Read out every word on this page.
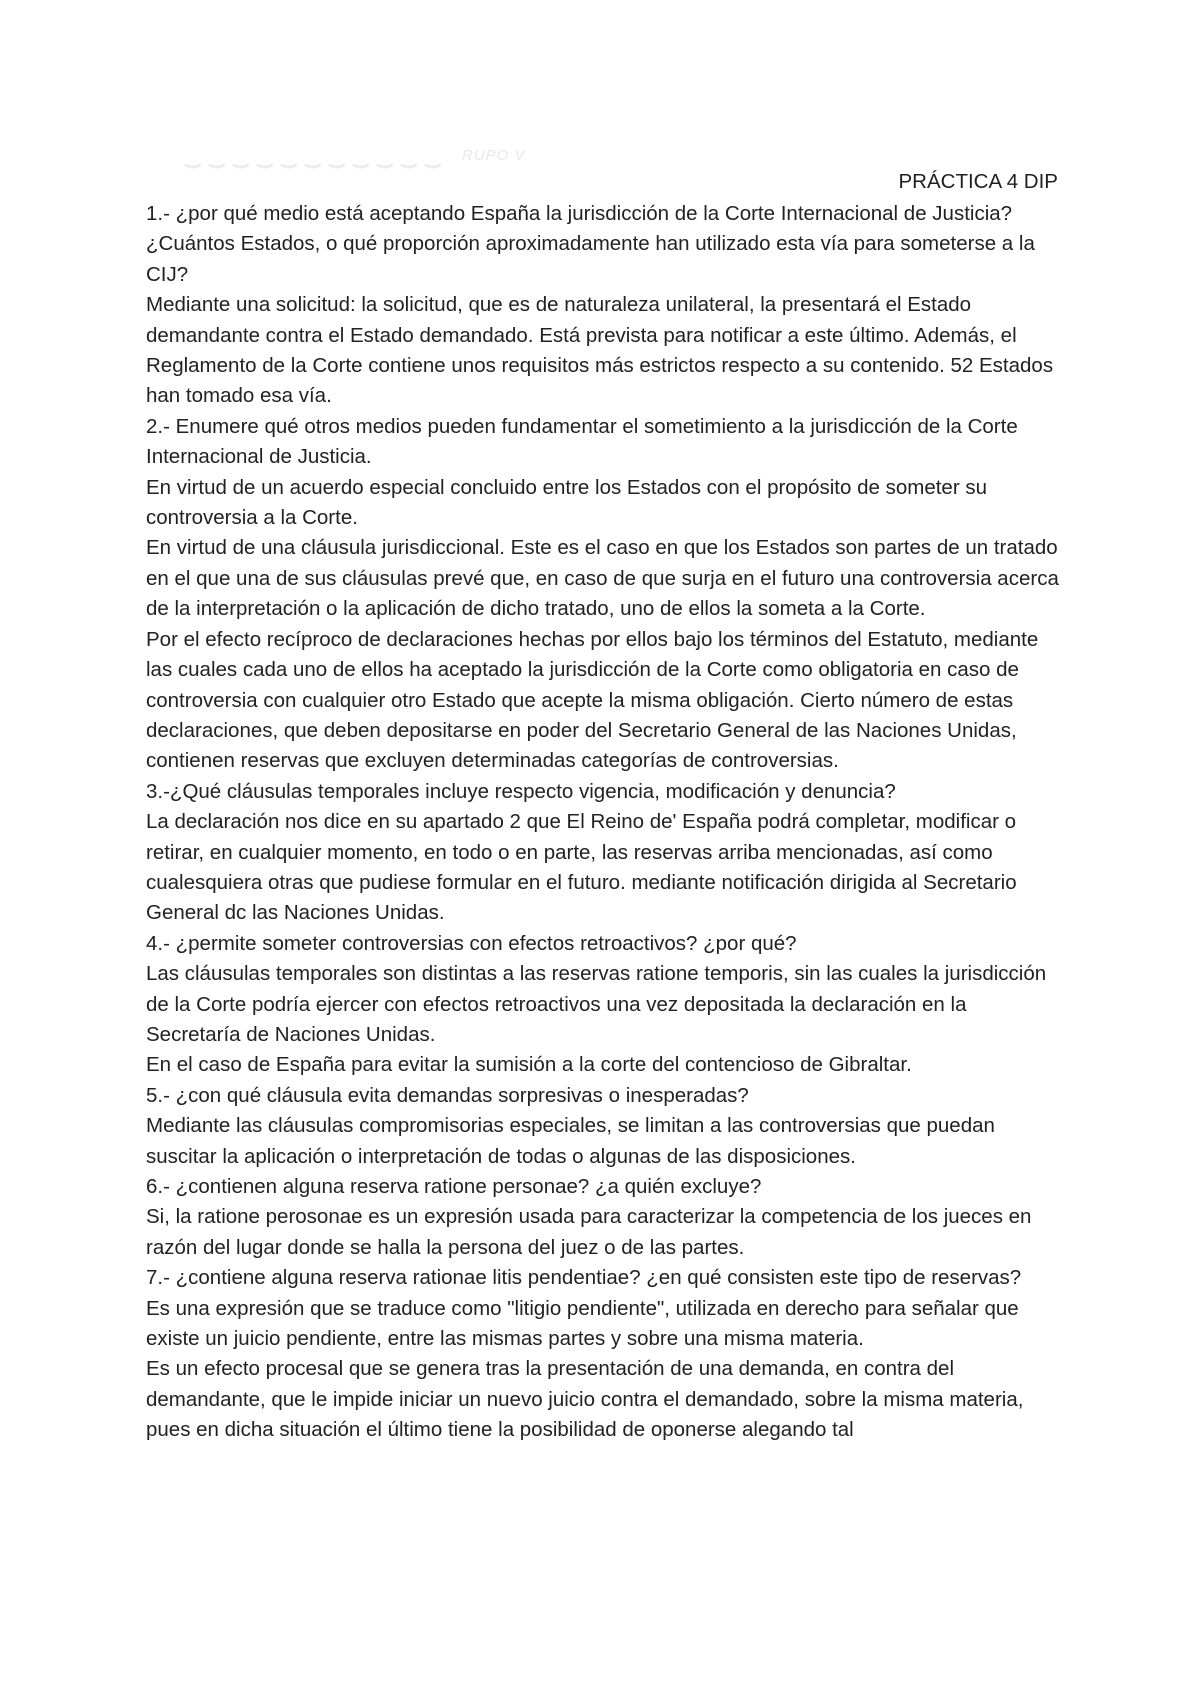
RUPO V
PRÁCTICA 4 DIP

1.- ¿por qué medio está aceptando España la jurisdicción de la Corte Internacional de Justicia? ¿Cuántos Estados, o qué proporción aproximadamente han utilizado esta vía para someterse a la CIJ?

Mediante una solicitud: la solicitud, que es de naturaleza unilateral, la presentará el Estado demandante contra el Estado demandado. Está prevista para notificar a este último. Además, el Reglamento de la Corte contiene unos requisitos más estrictos respecto a su contenido. 52 Estados han tomado esa vía.

2.- Enumere qué otros medios pueden fundamentar el sometimiento a la jurisdicción de la Corte Internacional de Justicia.

En virtud de un acuerdo especial concluido entre los Estados con el propósito de someter su controversia a la Corte.

En virtud de una cláusula jurisdiccional. Este es el caso en que los Estados son partes de un tratado en el que una de sus cláusulas prevé que, en caso de que surja en el futuro una controversia acerca de la interpretación o la aplicación de dicho tratado, uno de ellos la someta a la Corte.

Por el efecto recíproco de declaraciones hechas por ellos bajo los términos del Estatuto, mediante las cuales cada uno de ellos ha aceptado la jurisdicción de la Corte como obligatoria en caso de controversia con cualquier otro Estado que acepte la misma obligación. Cierto número de estas declaraciones, que deben depositarse en poder del Secretario General de las Naciones Unidas, contienen reservas que excluyen determinadas categorías de controversias.

3.-¿Qué cláusulas temporales incluye respecto vigencia, modificación y denuncia?

La declaración nos dice en su apartado 2 que El Reino de' España podrá completar, modificar o retirar, en cualquier momento, en todo o en parte, las reservas arriba mencionadas, así como cualesquiera otras que pudiese formular en el futuro. mediante notificación dirigida al Secretario General dc las Naciones Unidas.

4.- ¿permite someter controversias con efectos retroactivos? ¿por qué?

Las cláusulas temporales son distintas a las reservas ratione temporis, sin las cuales la jurisdicción de la Corte podría ejercer con efectos retroactivos una vez depositada la declaración en la Secretaría de Naciones Unidas.

En el caso de España para evitar la sumisión a la corte del contencioso de Gibraltar.

5.- ¿con qué cláusula evita demandas sorpresivas o inesperadas?

Mediante las cláusulas compromisorias especiales, se limitan a las controversias que puedan suscitar la aplicación o interpretación de todas o algunas de las disposiciones.

6.- ¿contienen alguna reserva ratione personae? ¿a quién excluye?

Si, la ratione perosonae es un expresión usada para caracterizar la competencia de los jueces en razón del lugar donde se halla la persona del juez o de las partes.

7.- ¿contiene alguna reserva rationae litis pendentiae? ¿en qué consisten este tipo de reservas?

Es una expresión que se traduce como "litigio pendiente", utilizada en derecho para señalar que existe un juicio pendiente, entre las mismas partes y sobre una misma materia.

Es un efecto procesal que se genera tras la presentación de una demanda, en contra del demandante, que le impide iniciar un nuevo juicio contra el demandado, sobre la misma materia, pues en dicha situación el último tiene la posibilidad de oponerse alegando tal
